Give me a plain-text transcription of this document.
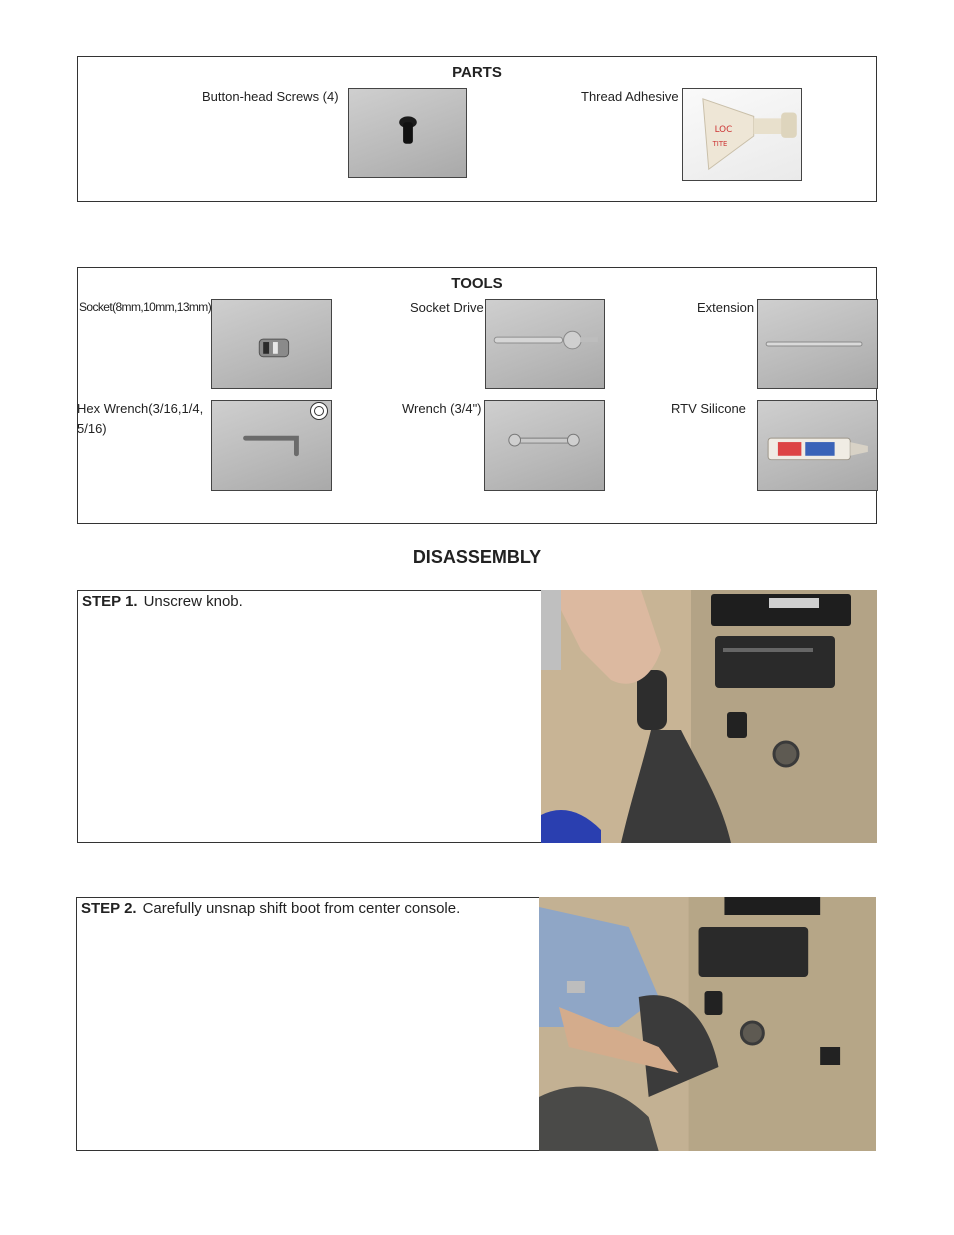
PARTS
Button-head Screws (4)	Thread Adhesive
LOC
TITE
TOOLS
Socket(8mm,10mm,13mm)	Socket Drive	Extension
Hex Wrench(3/16,1/4,
5/16)
Wrench (3/4")	RTV Silicone
DISASSEMBLY
STEP 1. Unscrew knob.
STEP 2. Carefully unsnap shift boot from center console.
